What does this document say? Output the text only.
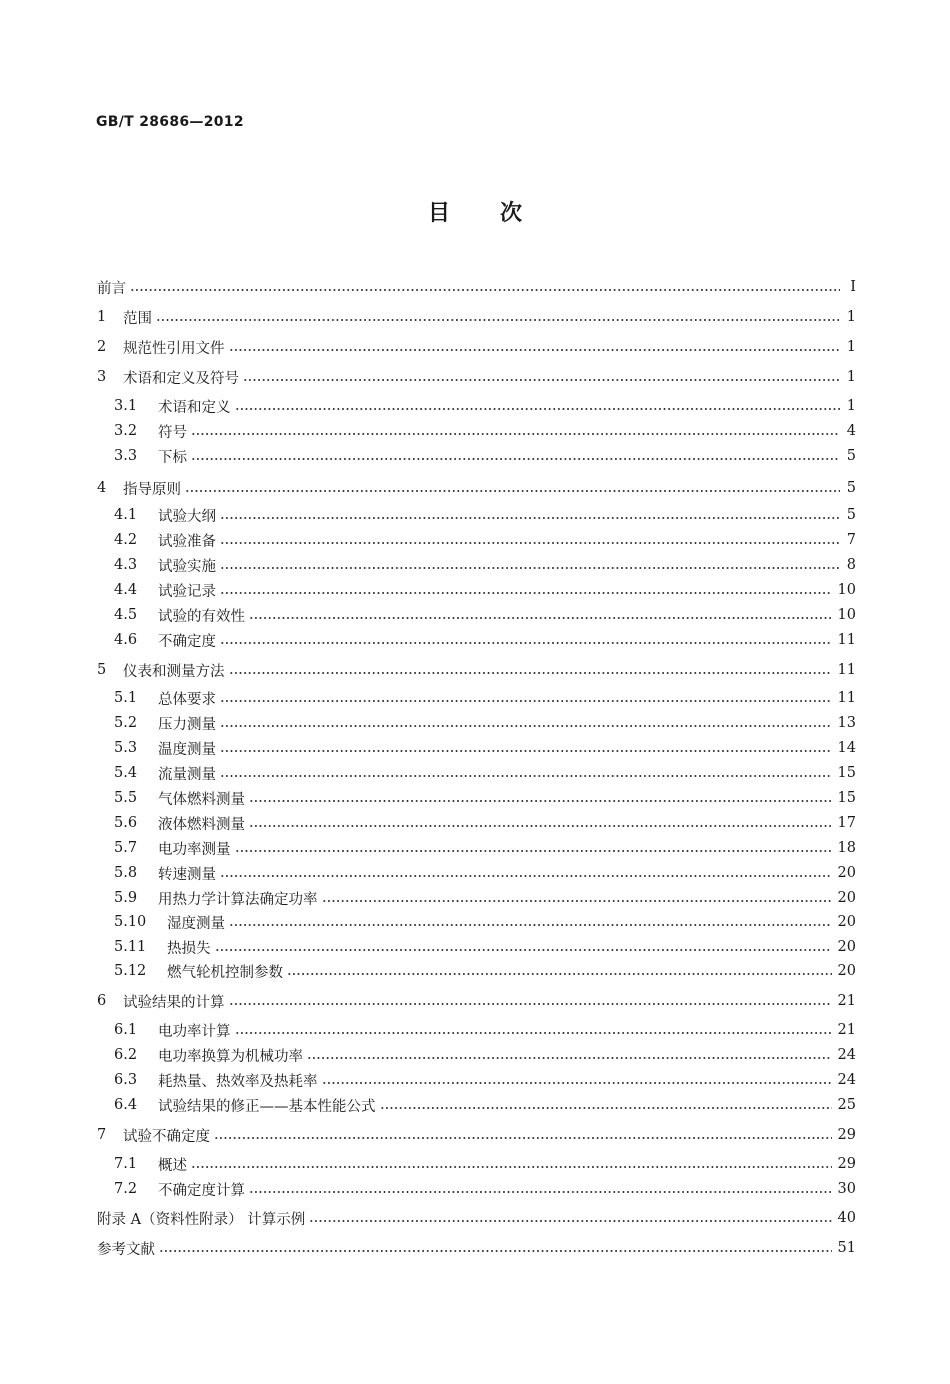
GB/T 28686—2012
目 次
前言	I
1	范围	1
2	规范性引用文件	1
3	术语和定义及符号	1
3.1	术语和定义	1
3.2	符号	4
3.3	下标	5
4	指导原则	5
4.1	试验大纲	5
4.2	试验准备	7
4.3	试验实施	8
4.4	试验记录	10
4.5	试验的有效性	10
4.6	不确定度	11
5	仪表和测量方法	11
5.1	总体要求	11
5.2	压力测量	13
5.3	温度测量	14
5.4	流量测量	15
5.5	气体燃料测量	15
5.6	液体燃料测量	17
5.7	电功率测量	18
5.8	转速测量	20
5.9	用热力学计算法确定功率	20
5.10	湿度测量	20
5.11	热损失	20
5.12	燃气轮机控制参数	20
6	试验结果的计算	21
6.1	电功率计算	21
6.2	电功率换算为机械功率	24
6.3	耗热量、热效率及热耗率	24
6.4	试验结果的修正——基本性能公式	25
7	试验不确定度	29
7.1	概述	29
7.2	不确定度计算	30
附录 A（资料性附录） 计算示例	40
参考文献	51
